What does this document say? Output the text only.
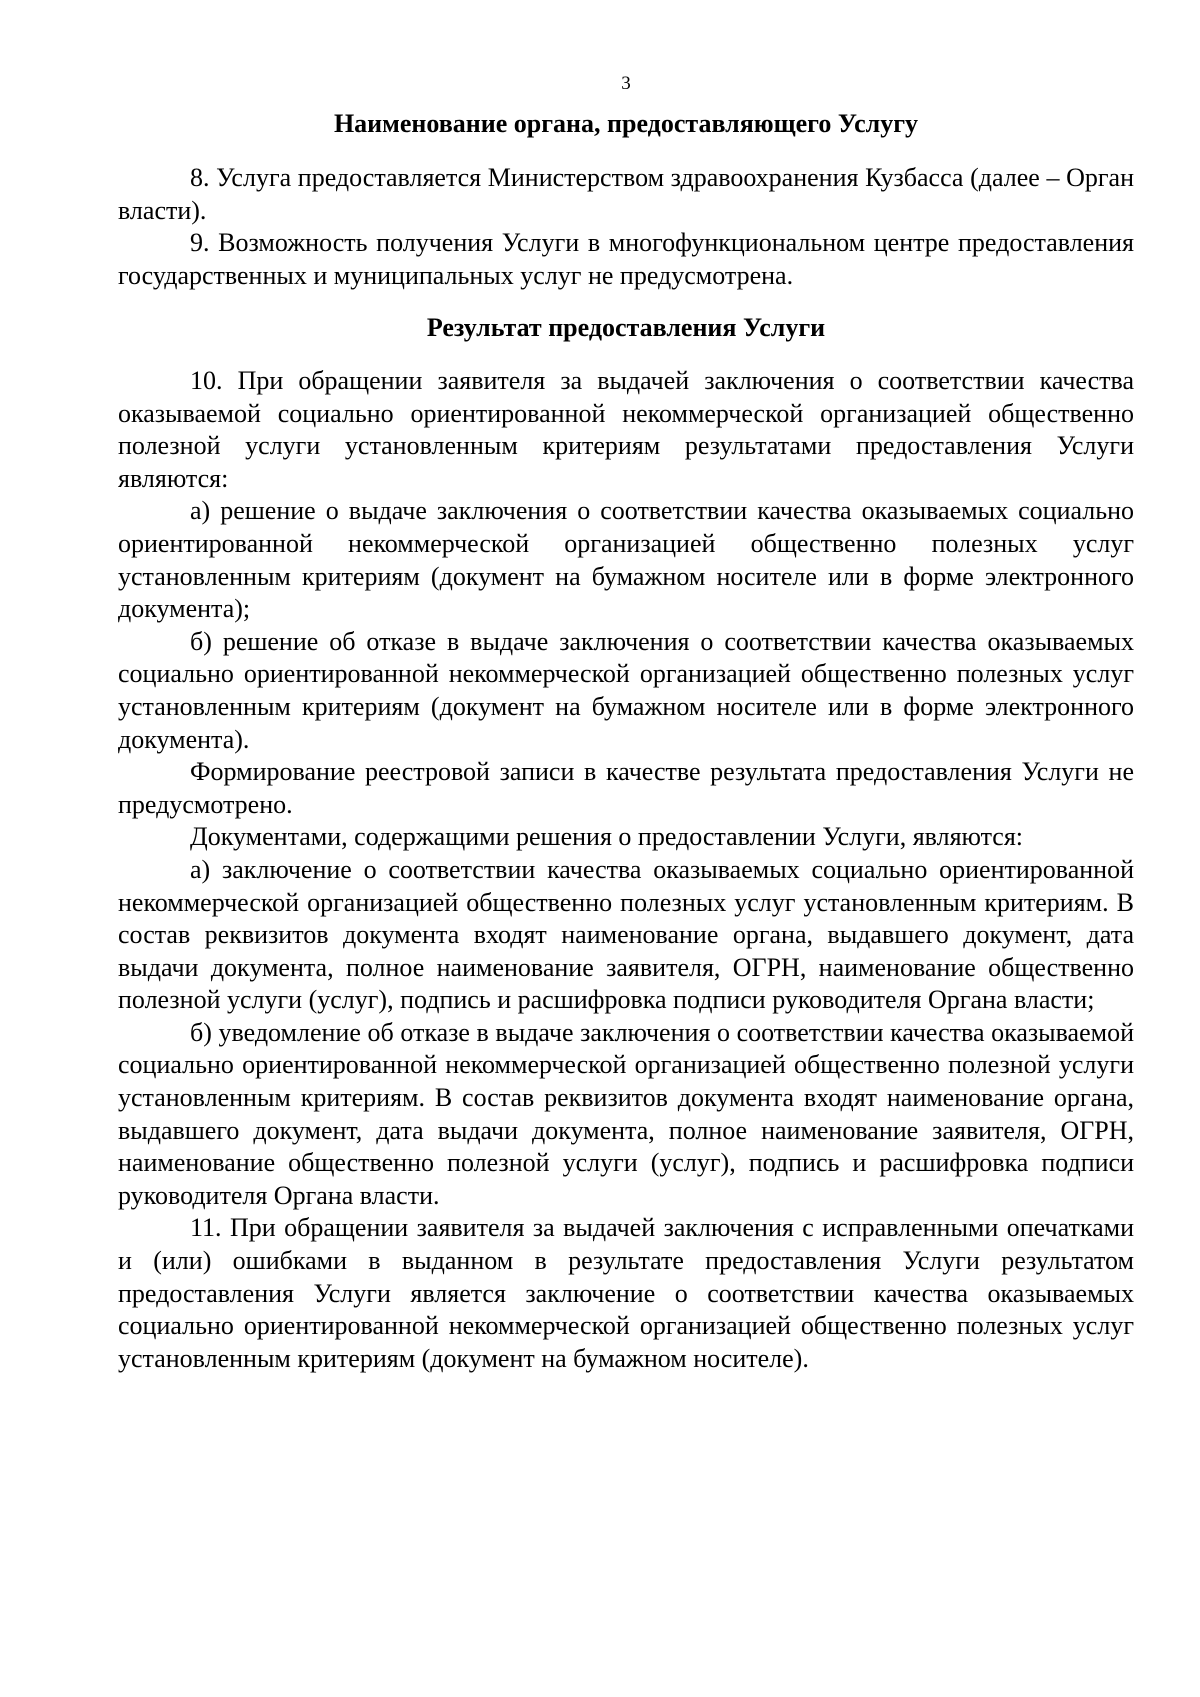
3
Наименование органа, предоставляющего Услугу

8. Услуга предоставляется Министерством здравоохранения Кузбасса (далее – Орган власти).

9. Возможность получения Услуги в многофункциональном центре предоставления государственных и муниципальных услуг не предусмотрена.

Результат предоставления Услуги

10. При обращении заявителя за выдачей заключения о соответствии качества оказываемой социально ориентированной некоммерческой организацией общественно полезной услуги установленным критериям результатами предоставления Услуги являются:

а) решение о выдаче заключения о соответствии качества оказываемых социально ориентированной некоммерческой организацией общественно полезных услуг установленным критериям (документ на бумажном носителе или в форме электронного документа);

б) решение об отказе в выдаче заключения о соответствии качества оказываемых социально ориентированной некоммерческой организацией общественно полезных услуг установленным критериям (документ на бумажном носителе или в форме электронного документа).

Формирование реестровой записи в качестве результата предоставления Услуги не предусмотрено.

Документами, содержащими решения о предоставлении Услуги, являются:

а) заключение о соответствии качества оказываемых социально ориентированной некоммерческой организацией общественно полезных услуг установленным критериям. В состав реквизитов документа входят наименование органа, выдавшего документ, дата выдачи документа, полное наименование заявителя, ОГРН, наименование общественно полезной услуги (услуг), подпись и расшифровка подписи руководителя Органа власти;

б) уведомление об отказе в выдаче заключения о соответствии качества оказываемой социально ориентированной некоммерческой организацией общественно полезной услуги установленным критериям. В состав реквизитов документа входят наименование органа, выдавшего документ, дата выдачи документа, полное наименование заявителя, ОГРН, наименование общественно полезной услуги (услуг), подпись и расшифровка подписи руководителя Органа власти.

11. При обращении заявителя за выдачей заключения с исправленными опечатками и (или) ошибками в выданном в результате предоставления Услуги результатом предоставления Услуги является заключение о соответствии качества оказываемых социально ориентированной некоммерческой организацией общественно полезных услуг установленным критериям (документ на бумажном носителе).
